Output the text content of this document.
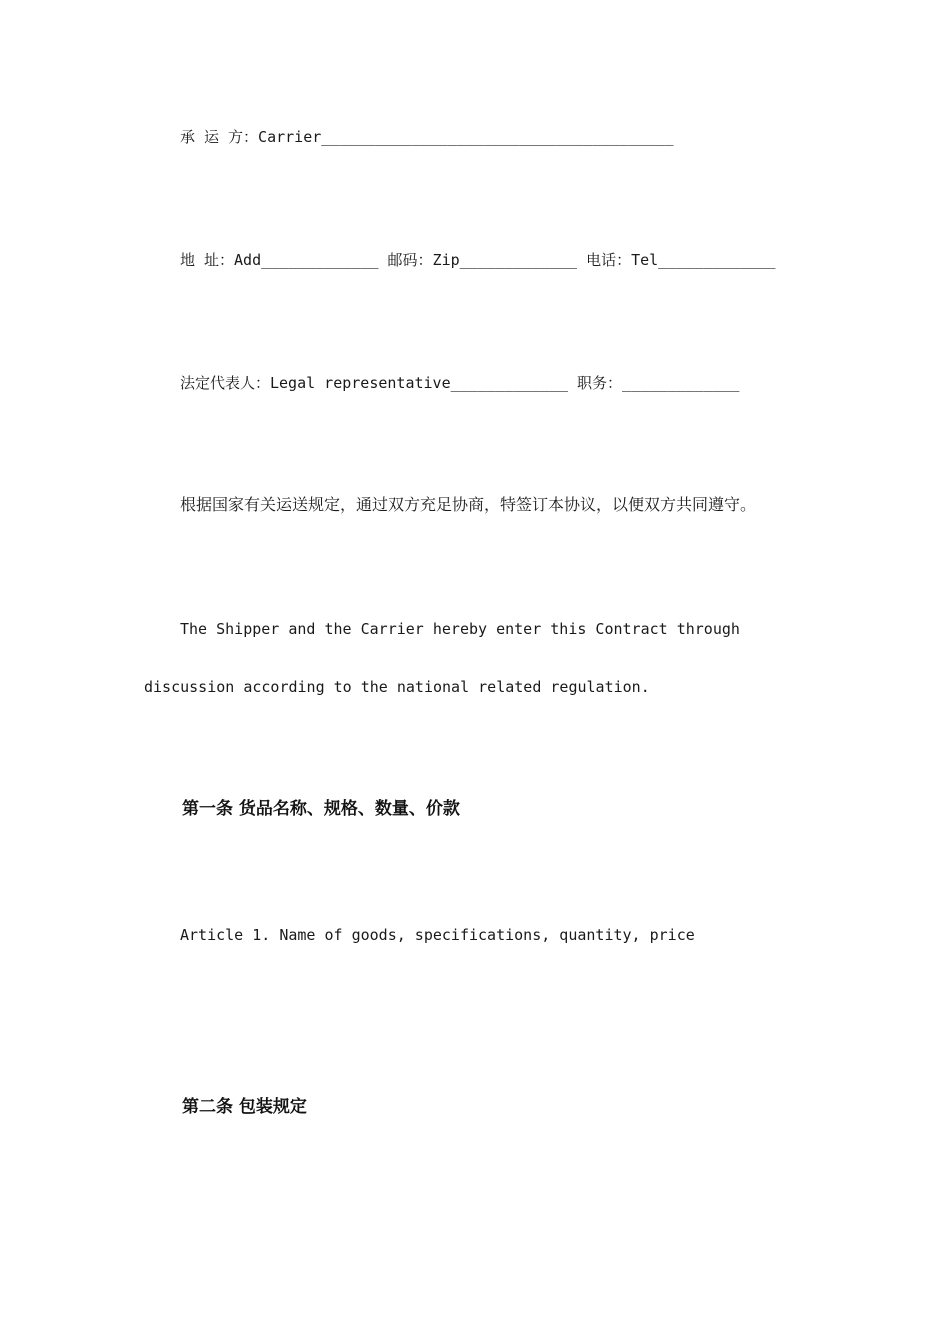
承 运 方：Carrier_______________________________________
地 址：Add_____________ 邮码：Zip_____________ 电话：Tel_____________
法定代表人：Legal representative_____________ 职务：_____________
根据国家有关运送规定，通过双方充足协商，特签订本协议，以便双方共同遵守。
The Shipper and the Carrier hereby enter this Contract through
discussion according to the national related regulation.
第一条 货品名称、规格、数量、价款
Article 1. Name of goods, specifications, quantity, price
第二条 包装规定
